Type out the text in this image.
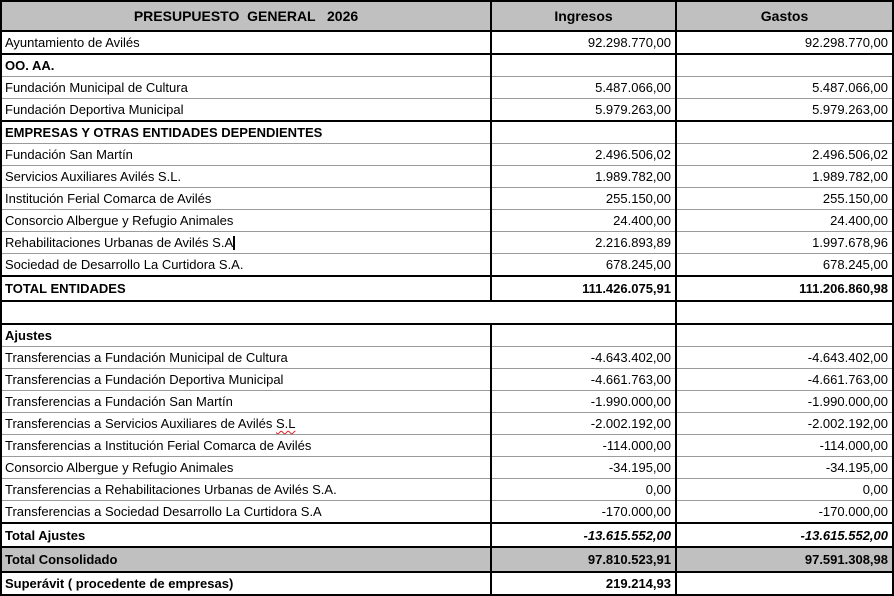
PRESUPUESTO  GENERAL   2026	Ingresos	Gastos
Ayuntamiento de Avilés	92.298.770,00	92.298.770,00
OO. AA.		
Fundación Municipal de Cultura	5.487.066,00	5.487.066,00
Fundación Deportiva Municipal	5.979.263,00	5.979.263,00
EMPRESAS Y OTRAS ENTIDADES DEPENDIENTES		
Fundación San Martín	2.496.506,02	2.496.506,02
Servicios Auxiliares Avilés S.L.	1.989.782,00	1.989.782,00
Institución Ferial Comarca de Avilés	255.150,00	255.150,00
Consorcio Albergue y Refugio Animales	24.400,00	24.400,00
Rehabilitaciones Urbanas de Avilés S.A	2.216.893,89	1.997.678,96
Sociedad de Desarrollo La Curtidora S.A.	678.245,00	678.245,00
TOTAL ENTIDADES	111.426.075,91	111.206.860,98

Ajustes		
Transferencias a Fundación Municipal de Cultura	-4.643.402,00	-4.643.402,00
Transferencias a Fundación Deportiva Municipal	-4.661.763,00	-4.661.763,00
Transferencias a Fundación San Martín	-1.990.000,00	-1.990.000,00
Transferencias a Servicios Auxiliares de Avilés S.L	-2.002.192,00	-2.002.192,00
Transferencias a Institución Ferial Comarca de Avilés	-114.000,00	-114.000,00
Consorcio Albergue y Refugio Animales	-34.195,00	-34.195,00
Transferencias a Rehabilitaciones Urbanas de Avilés S.A.	0,00	0,00
Transferencias a Sociedad Desarrollo La Curtidora S.A	-170.000,00	-170.000,00
Total Ajustes	-13.615.552,00	-13.615.552,00
Total Consolidado	97.810.523,91	97.591.308,98
Superávit ( procedente de empresas)	219.214,93	
